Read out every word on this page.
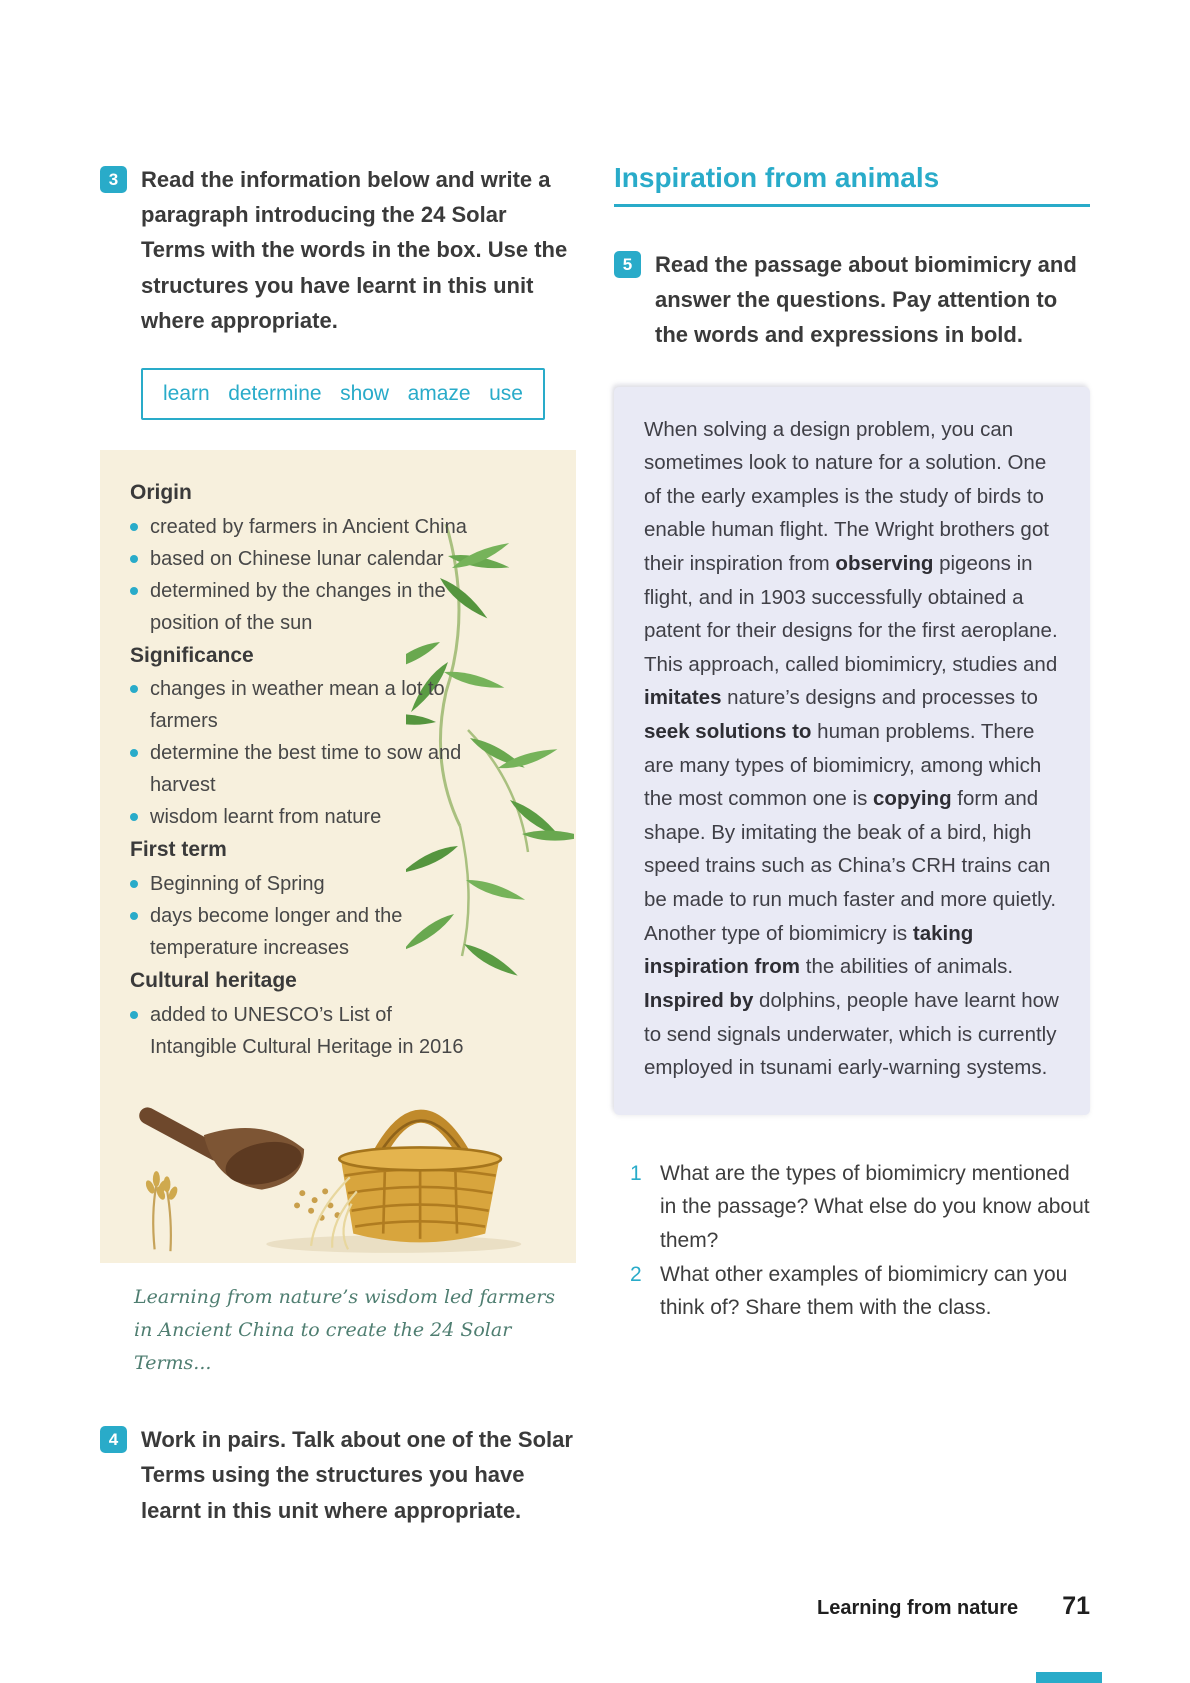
3	Read the information below and write a paragraph introducing the 24 Solar Terms with the words in the box. Use the structures you have learnt in this unit where appropriate.

learn determine show amaze use
Origin
created by farmers in Ancient China
based on Chinese lunar calendar
determined by the changes in the position of the sun
Significance
changes in weather mean a lot to farmers
determine the best time to sow and harvest
wisdom learnt from nature
First term
Beginning of Spring
days become longer and the temperature increases
Cultural heritage
added to UNESCO’s List of Intangible Cultural Heritage in 2016

Learning from nature’s wisdom led farmers in Ancient China to create the 24 Solar Terms...

4	Work in pairs. Talk about one of the Solar Terms using the structures you have learnt in this unit where appropriate.

Inspiration from animals
5	Read the passage about biomimicry and answer the questions. Pay attention to the words and expressions in bold.

When solving a design problem, you can sometimes look to nature for a solution. One of the early examples is the study of birds to enable human flight. The Wright brothers got their inspiration from observing pigeons in flight, and in 1903 successfully obtained a patent for their designs for the first aeroplane. This approach, called biomimicry, studies and imitates nature’s designs and processes to seek solutions to human problems. There are many types of biomimicry, among which the most common one is copying form and shape. By imitating the beak of a bird, high speed trains such as China’s CRH trains can be made to run much faster and more quietly. Another type of biomimicry is taking inspiration from the abilities of animals. Inspired by dolphins, people have learnt how to send signals underwater, which is currently employed in tsunami early-warning systems.
1 What are the types of biomimicry mentioned in the passage? What else do you know about them?
2 What other examples of biomimicry can you think of? Share them with the class.
Learning from nature 71
